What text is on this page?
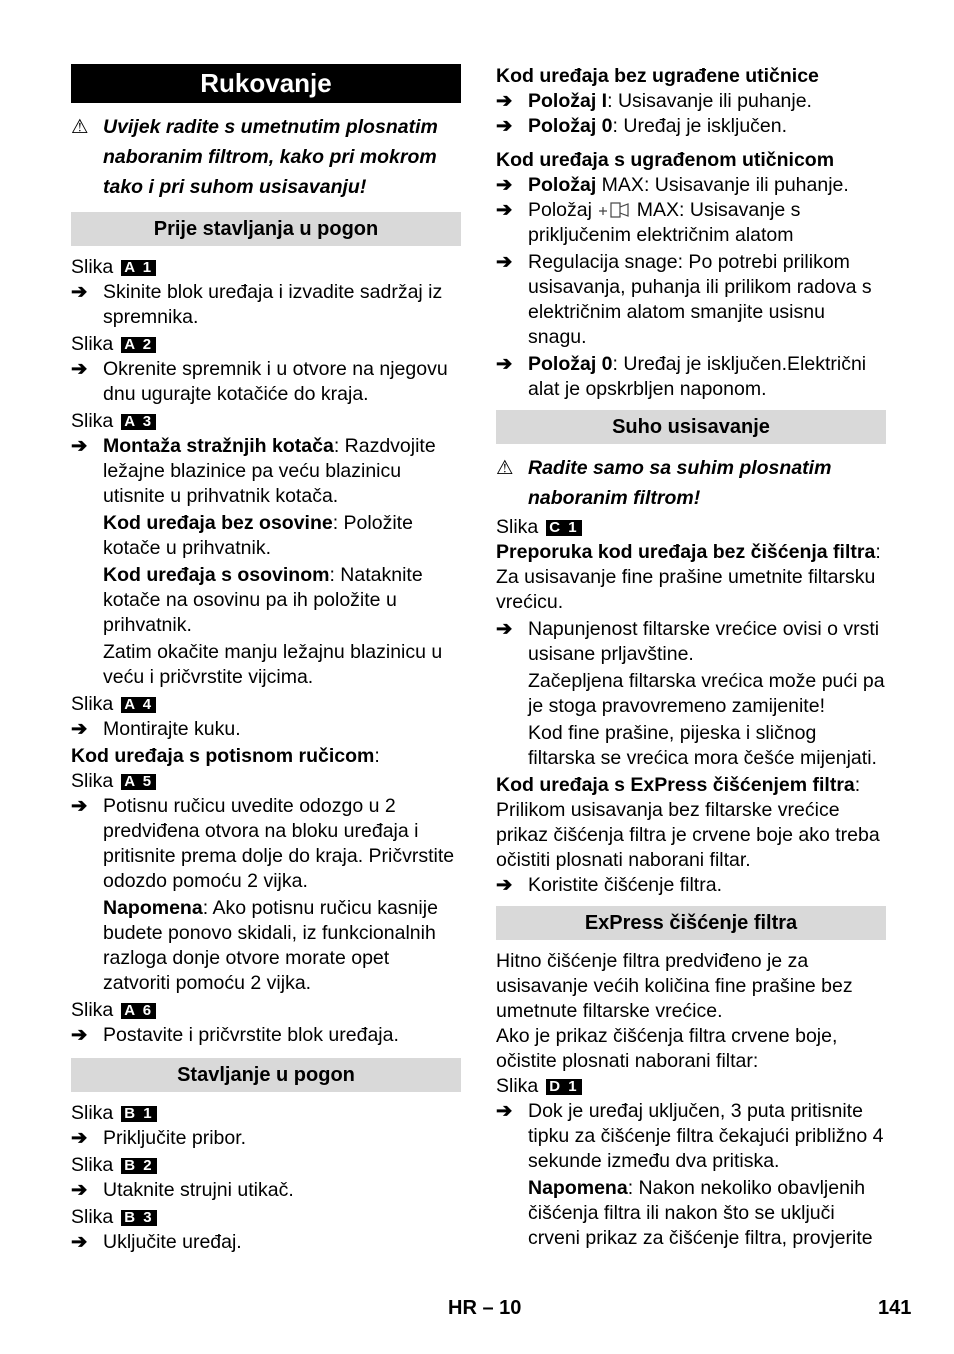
Rukovanje
⚠ Uvijek radite s umetnutim plosnatim naboranim filtrom, kako pri mokrom tako i pri suhom usisavanju!
Prije stavljanja u pogon
Slika A 1
➔ Skinite blok uređaja i izvadite sadržaj iz spremnika.
Slika A 2
➔ Okrenite spremnik i u otvore na njegovu dnu ugurajte kotačiće do kraja.
Slika A 3
➔ Montaža stražnjih kotača: Razdvojite ležajne blazinice pa veću blazinicu utisnite u prihvatnik kotača.
Kod uređaja bez osovine: Položite kotače u prihvatnik.
Kod uređaja s osovinom: Nataknite kotače na osovinu pa ih položite u prihvatnik.
Zatim okačite manju ležajnu blazinicu u veću i pričvrstite vijcima.
Slika A 4
➔ Montirajte kuku.
Kod uređaja s potisnom ručicom:
Slika A 5
➔ Potisnu ručicu uvedite odozgo u 2 predviđena otvora na bloku uređaja i pritisnite prema dolje do kraja. Pričvrstite odozdo pomoću 2 vijka.
Napomena: Ako potisnu ručicu kasnije budete ponovo skidali, iz funkcionalnih razloga donje otvore morate opet zatvoriti pomoću 2 vijka.
Slika A 6
➔ Postavite i pričvrstite blok uređaja.
Stavljanje u pogon
Slika B 1
➔ Priključite pribor.
Slika B 2
➔ Utaknite strujni utikač.
Slika B 3
➔ Uključite uređaj.
Kod uređaja bez ugrađene utičnice
➔ Položaj I: Usisavanje ili puhanje.
➔ Položaj 0: Uređaj je isključen.
Kod uređaja s ugrađenom utičnicom
➔ Položaj MAX: Usisavanje ili puhanje.
➔ Položaj  MAX: Usisavanje s priključenim električnim alatom
➔ Regulacija snage: Po potrebi prilikom usisavanja, puhanja ili prilikom radova s električnim alatom smanjite usisnu snagu.
➔ Položaj 0: Uređaj je isključen.Električni alat je opskrbljen naponom.
Suho usisavanje
⚠ Radite samo sa suhim plosnatim naboranim filtrom!
Slika C 1
Preporuka kod uređaja bez čišćenja filtra: Za usisavanje fine prašine umetnite filtarsku vrećicu.
➔ Napunjenost filtarske vrećice ovisi o vrsti usisane prljavštine.
Začepljena filtarska vrećica može pući pa je stoga pravovremeno zamijenite!
Kod fine prašine, pijeska i sličnog filtarska se vrećica mora češće mijenjati.
Kod uređaja s ExPress čišćenjem filtra: Prilikom usisavanja bez filtarske vrećice prikaz čišćenja filtra je crvene boje ako treba očistiti plosnati naborani filtar.
➔ Koristite čišćenje filtra.
ExPress čišćenje filtra
Hitno čišćenje filtra predviđeno je za usisavanje većih količina fine prašine bez umetnute filtarske vrećice.
Ako je prikaz čišćenja filtra crvene boje, očistite plosnati naborani filtar:
Slika D 1
➔ Dok je uređaj uključen, 3 puta pritisnite tipku za čišćenje filtra čekajući približno 4 sekunde između dva pritiska.
Napomena: Nakon nekoliko obavljenih čišćenja filtra ili nakon što se uključi crveni prikaz za čišćenje filtra, provjerite
HR – 10	141
